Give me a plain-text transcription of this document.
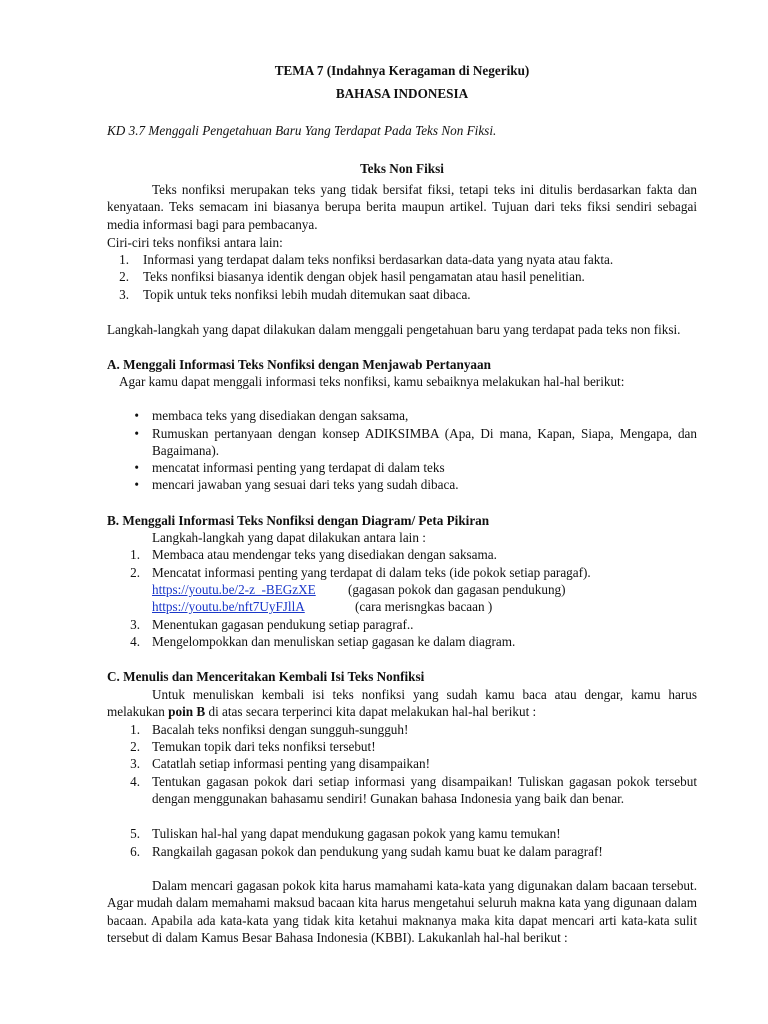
TEMA 7 (Indahnya Keragaman di Negeriku)
BAHASA INDONESIA
KD 3.7 Menggali Pengetahuan Baru Yang Terdapat Pada Teks Non Fiksi.
Teks Non Fiksi
Teks nonfiksi merupakan teks yang tidak bersifat fiksi, tetapi teks ini ditulis berdasarkan fakta dan kenyataan. Teks semacam ini biasanya berupa berita maupun artikel. Tujuan dari teks fiksi sendiri sebagai media informasi bagi para pembacanya.
Ciri-ciri teks nonfiksi antara lain:
1. Informasi yang terdapat dalam teks nonfiksi berdasarkan data-data yang nyata atau fakta.
2. Teks nonfiksi biasanya identik dengan objek hasil pengamatan atau hasil penelitian.
3. Topik untuk teks nonfiksi lebih mudah ditemukan saat dibaca.
Langkah-langkah yang dapat dilakukan dalam menggali pengetahuan baru yang terdapat pada teks non fiksi.
A. Menggali Informasi Teks Nonfiksi dengan Menjawab Pertanyaan
Agar kamu dapat menggali informasi teks nonfiksi, kamu sebaiknya melakukan hal-hal berikut:
• membaca teks yang disediakan dengan saksama,
• Rumuskan pertanyaan dengan konsep ADIKSIMBA (Apa, Di mana, Kapan, Siapa, Mengapa, dan Bagaimana).
• mencatat informasi penting yang terdapat di dalam teks
• mencari jawaban yang sesuai dari teks yang sudah dibaca.
B. Menggali Informasi Teks Nonfiksi dengan Diagram/ Peta Pikiran
Langkah-langkah yang dapat dilakukan antara lain :
1. Membaca atau mendengar teks yang disediakan dengan saksama.
2. Mencatat informasi penting yang terdapat di dalam teks (ide pokok setiap paragaf).
https://youtu.be/2-z_-BEGzXE (gagasan pokok dan gagasan pendukung)
https://youtu.be/nft7UyFJllA	(cara merisngkas bacaan )
3. Menentukan gagasan pendukung setiap paragraf..
4. Mengelompokkan dan menuliskan setiap gagasan ke dalam diagram.
C. Menulis dan Menceritakan Kembali Isi Teks Nonfiksi
Untuk menuliskan kembali isi teks nonfiksi yang sudah kamu baca atau dengar, kamu harus melakukan poin B di atas secara terperinci kita dapat melakukan hal-hal berikut :
1. Bacalah teks nonfiksi dengan sungguh-sungguh!
2. Temukan topik dari teks nonfiksi tersebut!
3. Catatlah setiap informasi penting yang disampaikan!
4. Tentukan gagasan pokok dari setiap informasi yang disampaikan! Tuliskan gagasan pokok tersebut dengan menggunakan bahasamu sendiri! Gunakan bahasa Indonesia yang baik dan benar.
5. Tuliskan hal-hal yang dapat mendukung gagasan pokok yang kamu temukan!
6. Rangkailah gagasan pokok dan pendukung yang sudah kamu buat ke dalam paragraf!
Dalam mencari gagasan pokok kita harus mamahami kata-kata yang digunakan dalam bacaan tersebut. Agar mudah dalam memahami maksud bacaan kita harus mengetahui seluruh makna kata yang digunaan dalam bacaan. Apabila ada kata-kata yang tidak kita ketahui maknanya maka kita dapat mencari arti kata-kata sulit tersebut di dalam Kamus Besar Bahasa Indonesia (KBBI). Lakukanlah hal-hal berikut :
